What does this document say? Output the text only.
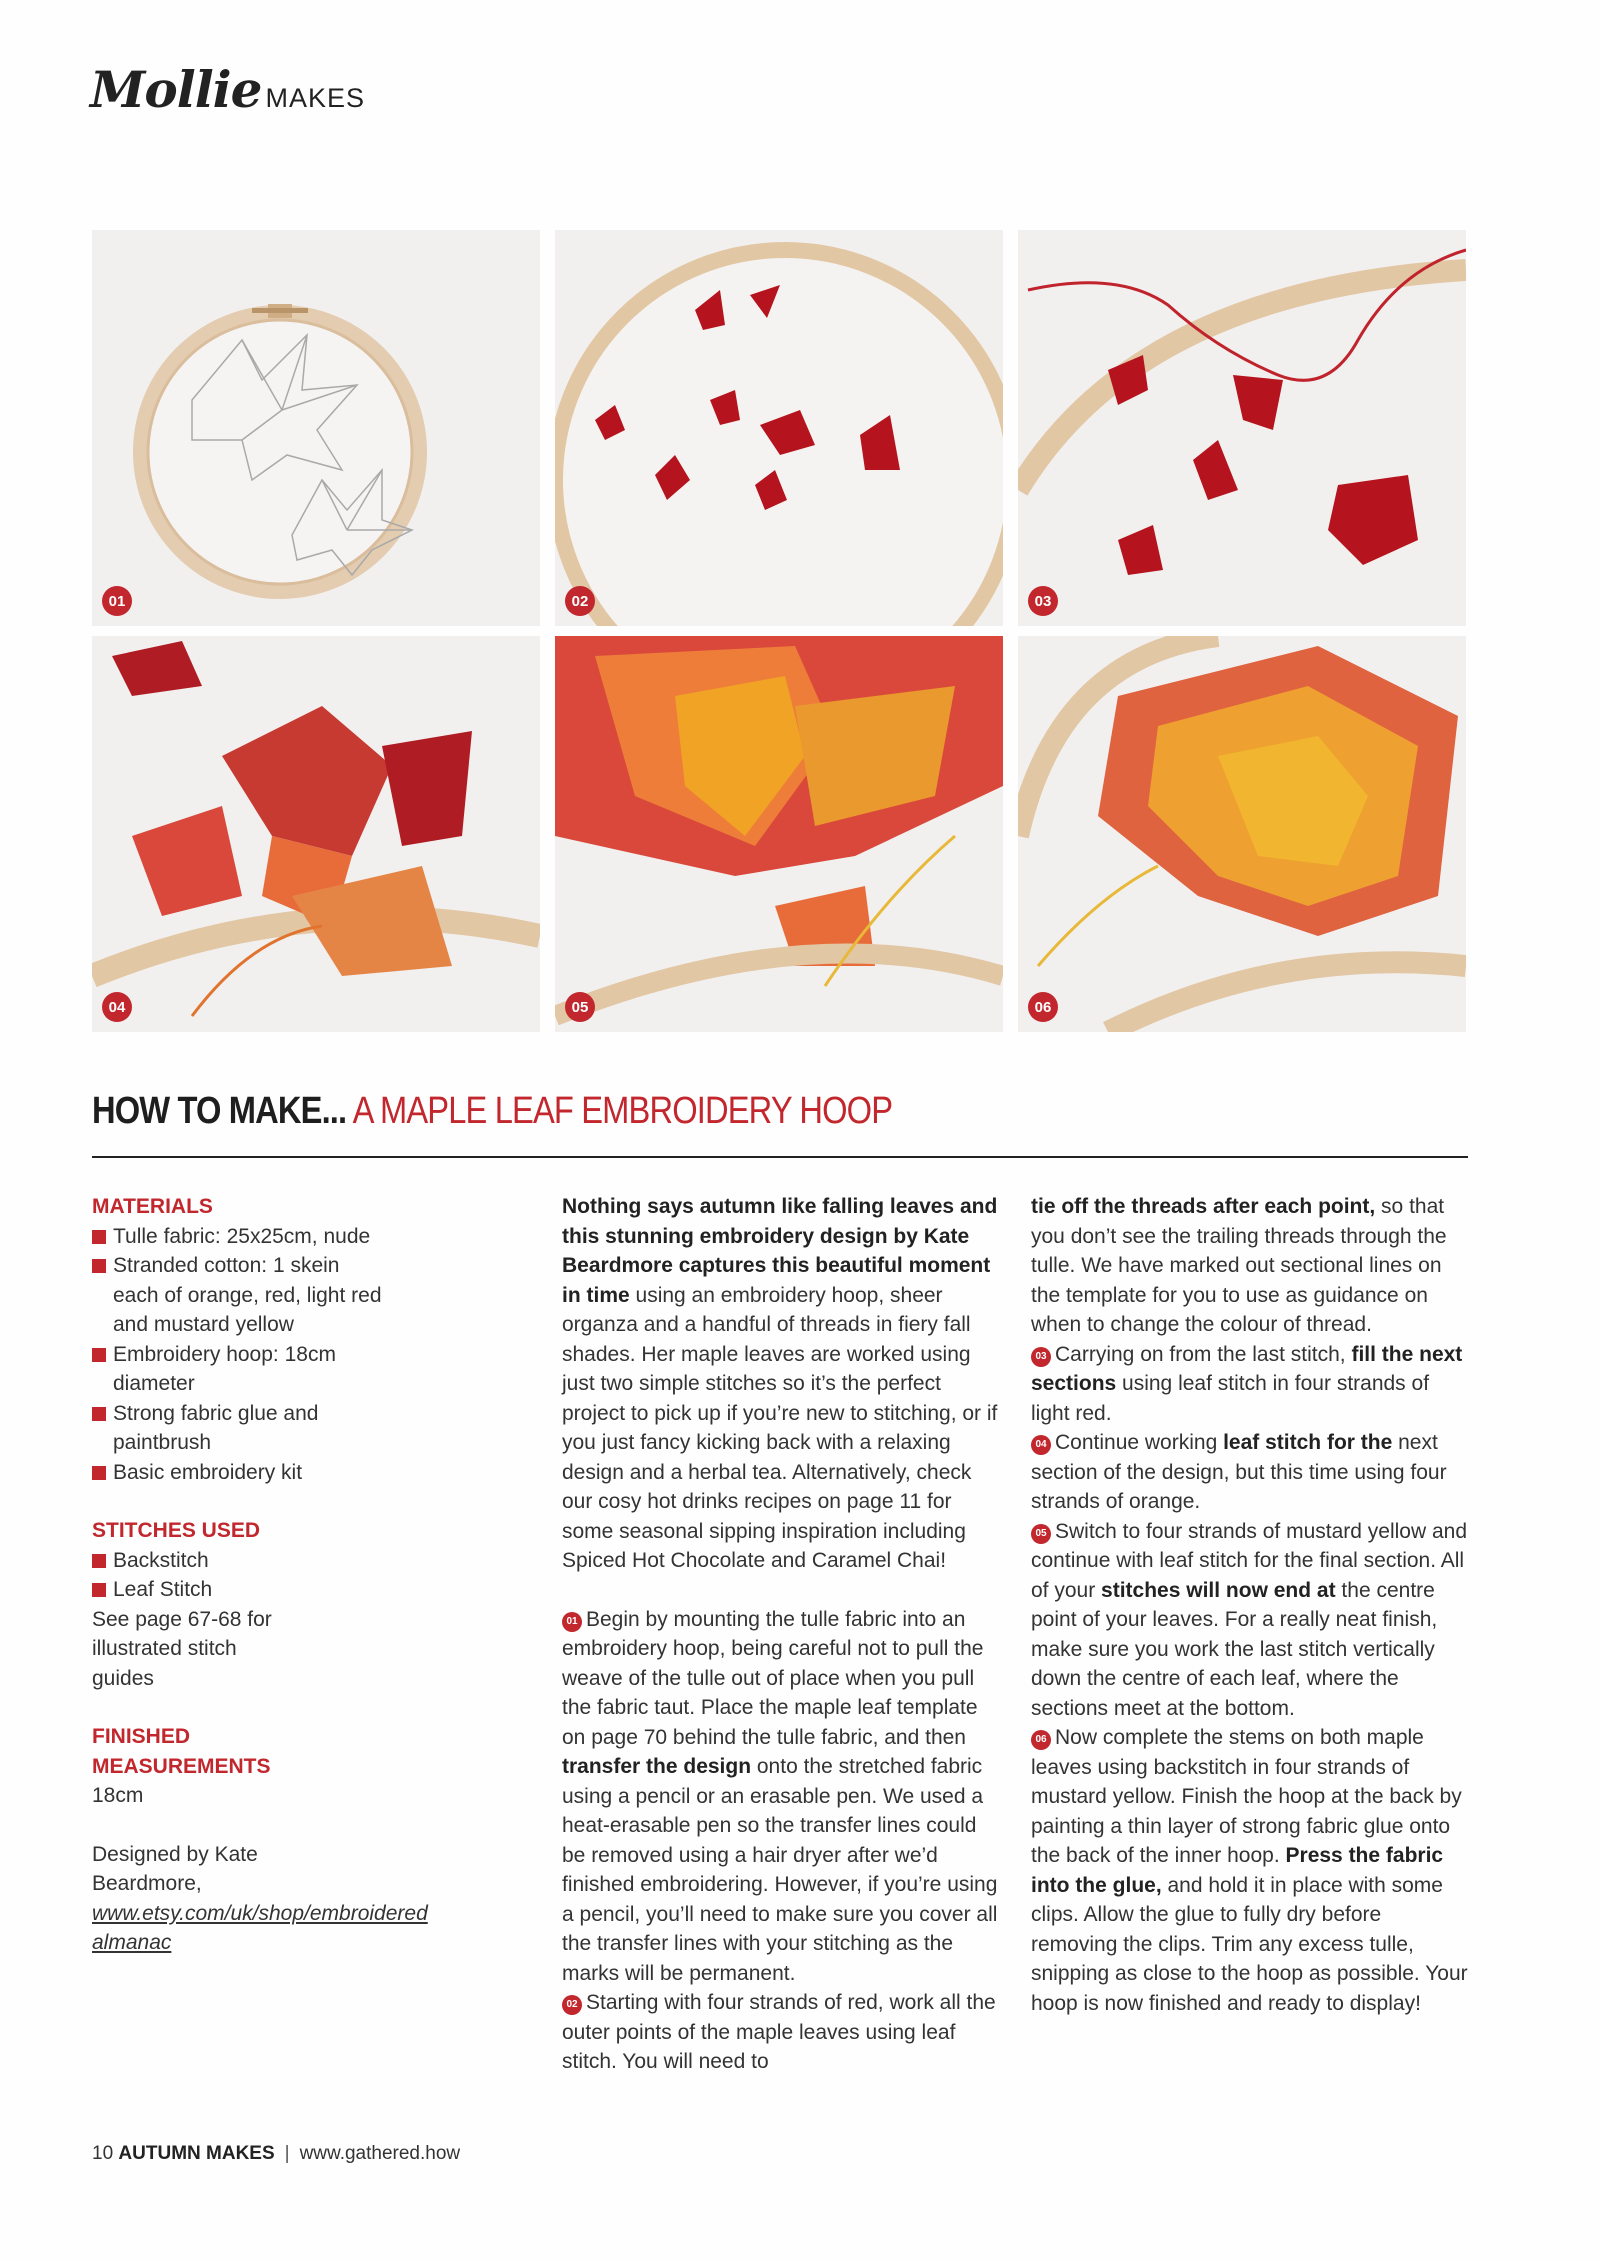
Mollie MAKES
01	02	03
04	05	06
HOW TO MAKE... A MAPLE LEAF EMBROIDERY HOOP
MATERIALS
Tulle fabric: 25x25cm, nude
Stranded cotton: 1 skein each of orange, red, light red and mustard yellow
Embroidery hoop: 18cm diameter
Strong fabric glue and paintbrush
Basic embroidery kit
STITCHES USED
Backstitch
Leaf Stitch
See page 67-68 for illustrated stitch guides
FINISHED MEASUREMENTS
18cm
Designed by Kate Beardmore, www.etsy.com/uk/shop/embroidered almanac

Nothing says autumn like falling leaves and this stunning embroidery design by Kate Beardmore captures this beautiful moment in time using an embroidery hoop, sheer organza and a handful of threads in fiery fall shades. Her maple leaves are worked using just two simple stitches so it’s the perfect project to pick up if you’re new to stitching, or if you just fancy kicking back with a relaxing design and a herbal tea. Alternatively, check our cosy hot drinks recipes on page 11 for some seasonal sipping inspiration including Spiced Hot Chocolate and Caramel Chai!

01 Begin by mounting the tulle fabric into an embroidery hoop, being careful not to pull the weave of the tulle out of place when you pull the fabric taut. Place the maple leaf template on page 70 behind the tulle fabric, and then transfer the design onto the stretched fabric using a pencil or an erasable pen. We used a heat-erasable pen so the transfer lines could be removed using a hair dryer after we’d finished embroidering. However, if you’re using a pencil, you’ll need to make sure you cover all the transfer lines with your stitching as the marks will be permanent.

02 Starting with four strands of red, work all the outer points of the maple leaves using leaf stitch. You will need to

tie off the threads after each point, so that you don’t see the trailing threads through the tulle. We have marked out sectional lines on the template for you to use as guidance on when to change the colour of thread.

03 Carrying on from the last stitch, fill the next sections using leaf stitch in four strands of light red.

04 Continue working leaf stitch for the next section of the design, but this time using four strands of orange.

05 Switch to four strands of mustard yellow and continue with leaf stitch for the final section. All of your stitches will now end at the centre point of your leaves. For a really neat finish, make sure you work the last stitch vertically down the centre of each leaf, where the sections meet at the bottom.

06 Now complete the stems on both maple leaves using backstitch in four strands of mustard yellow. Finish the hoop at the back by painting a thin layer of strong fabric glue onto the back of the inner hoop. Press the fabric into the glue, and hold it in place with some clips. Allow the glue to fully dry before removing the clips. Trim any excess tulle, snipping as close to the hoop as possible. Your hoop is now finished and ready to display!

10 AUTUMN MAKES | www.gathered.how
